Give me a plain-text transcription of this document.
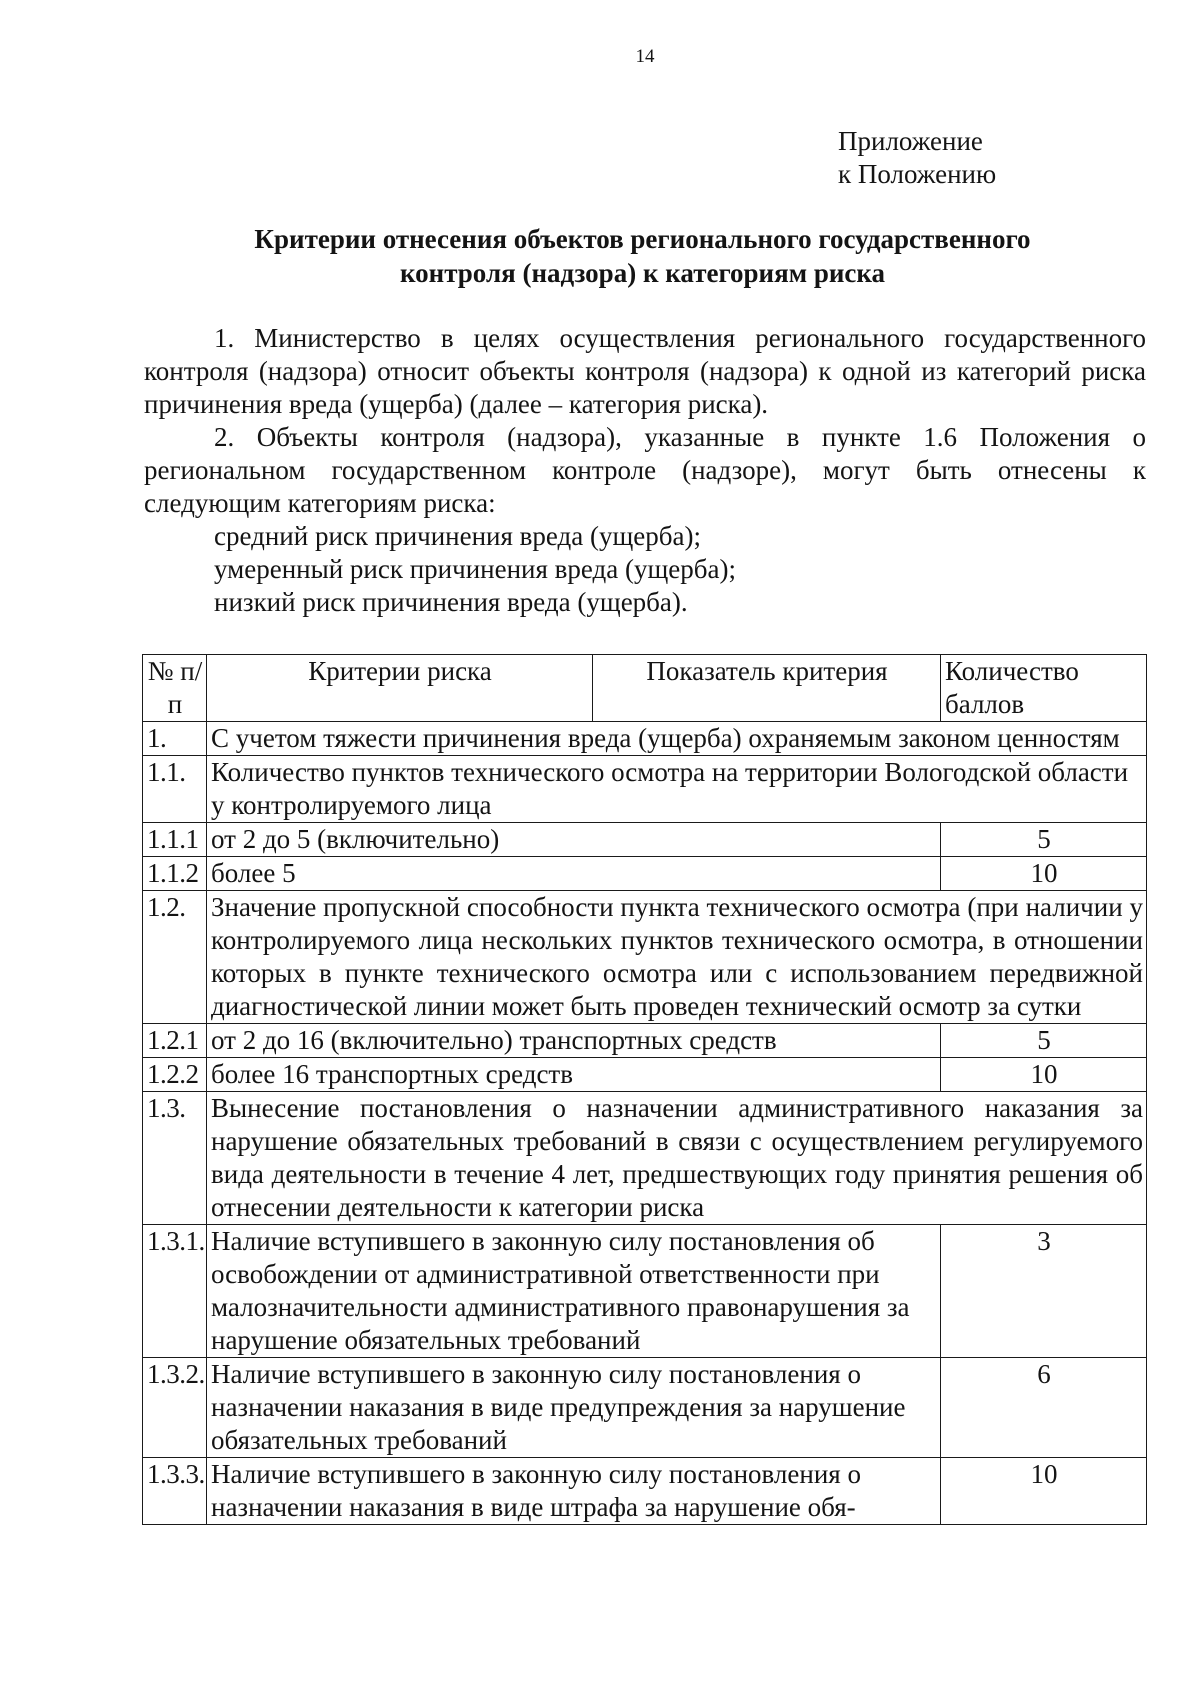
14
Приложение
к Положению
Критерии отнесения объектов регионального государственного
контроля (надзора) к категориям риска

1. Министерство в целях осуществления регионального государственного контроля (надзора) относит объекты контроля (надзора) к одной из категорий риска причинения вреда (ущерба) (далее – категория риска).

2. Объекты контроля (надзора), указанные в пункте 1.6 Положения о региональном государственном контроле (надзоре), могут быть отнесены к следующим категориям риска:

средний риск причинения вреда (ущерба);

умеренный риск причинения вреда (ущерба);

низкий риск причинения вреда (ущерба).

№ п/п	Критерии риска	Показатель критерия	Количество баллов
1.	С учетом тяжести причинения вреда (ущерба) охраняемым законом ценностям		
1.1.	Количество пунктов технического осмотра на территории Вологодской области у контролируемого лица		
1.1.1	от 2 до 5 (включительно)		5
1.1.2	более 5		10
1.2.	Значение пропускной способности пункта технического осмотра (при наличии у контролируемого лица нескольких пунктов технического осмотра, в отношении которых в пункте технического осмотра или с использованием передвижной диагностической линии может быть проведен технический осмотр за сутки		
1.2.1	от 2 до 16 (включительно) транспортных средств		5
1.2.2	более 16 транспортных средств		10
1.3.	Вынесение постановления о назначении административного наказания за нарушение обязательных требований в связи с осуществлением регулируемого вида деятельности в течение 4 лет, предшествующих году принятия решения об отнесении деятельности к категории риска		
1.3.1.	Наличие вступившего в законную силу постановления об освобождении от административной ответственности при малозначительности административного правонарушения за нарушение обязательных требований		3
1.3.2.	Наличие вступившего в законную силу постановления о назначении наказания в виде предупреждения за нарушение обязательных требований		6
1.3.3.	Наличие вступившего в законную силу постановления о назначении наказания в виде штрафа за нарушение обя-		10
